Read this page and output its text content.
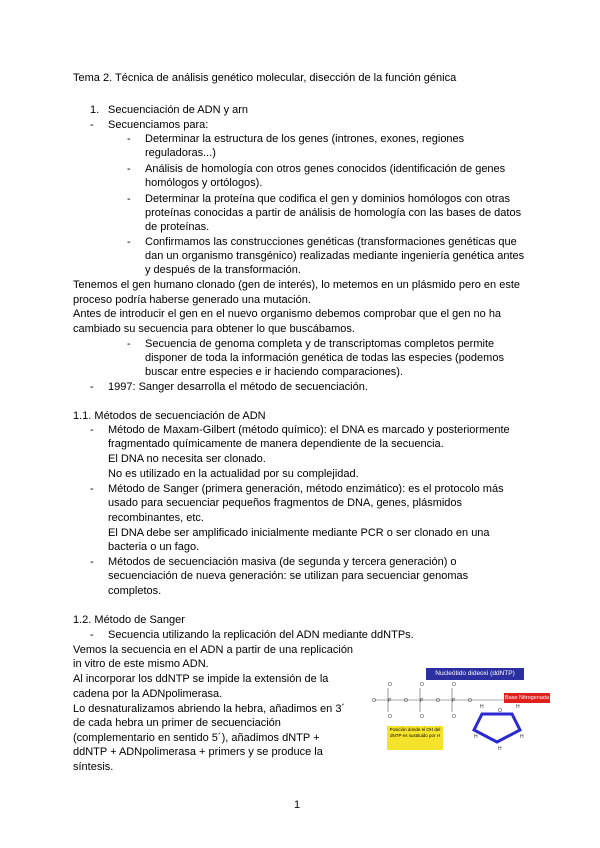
Tema 2. Técnica de análisis genético molecular, disección de la función génica
1. Secuenciación de ADN y arn
- Secuenciamos para:
- Determinar la estructura de los genes (intrones, exones, regiones
reguladoras...)
- Análisis de homología con otros genes conocidos (identificación de genes
homólogos y ortólogos).
- Determinar la proteína que codifica el gen y dominios homólogos con otras
proteínas conocidas a partir de análisis de homología con las bases de datos
de proteínas.
- Confirmamos las construcciones genéticas (transformaciones genéticas que
dan un organismo transgénico) realizadas mediante ingeniería genética antes
y después de la transformación.
Tenemos el gen humano clonado (gen de interés), lo metemos en un plásmido pero en este
proceso podría haberse generado una mutación.
Antes de introducir el gen en el nuevo organismo debemos comprobar que el gen no ha
cambiado su secuencia para obtener lo que buscábamos.
- Secuencia de genoma completa y de transcriptomas completos permite
disponer de toda la información genética de todas las especies (podemos
buscar entre especies e ir haciendo comparaciones).
- 1997: Sanger desarrolla el método de secuenciación.
1.1. Métodos de secuenciación de ADN
- Método de Maxam-Gilbert (método químico): el DNA es marcado y posteriormente
fragmentado químicamente de manera dependiente de la secuencia.
El DNA no necesita ser clonado.
No es utilizado en la actualidad por su complejidad.
- Método de Sanger (primera generación, método enzimático): es el protocolo más
usado para secuenciar pequeños fragmentos de DNA, genes, plásmidos
recombinantes, etc.
El DNA debe ser amplificado inicialmente mediante PCR o ser clonado en una
bacteria o un fago.
- Métodos de secuenciación masiva (de segunda y tercera generación) o
secuenciación de nueva generación: se utilizan para secuenciar genomas
completos.
1.2. Método de Sanger
- Secuencia utilizando la replicación del ADN mediante ddNTPs.
Vemos la secuencia en el ADN a partir de una replicación
in vitro de este mismo ADN.
Al incorporar los ddNTP se impide la extensión de la
cadena por la ADNpolimerasa.
Lo desnaturalizamos abriendo la hebra, añadimos en 3´
de cada hebra un primer de secuenciación
(complementario en sentido 5´), añadimos dNTP +
ddNTP + ADNpolimerasa + primers y se produce la
síntesis.
O P	O P	O P	O
O
O
O
O
O
O
O
H	H
H	H
H
Nucleótido dideoxi (ddNTP)
Base Nitrogenada
Posición donde el OH del dNTP es sustituido por H
1
